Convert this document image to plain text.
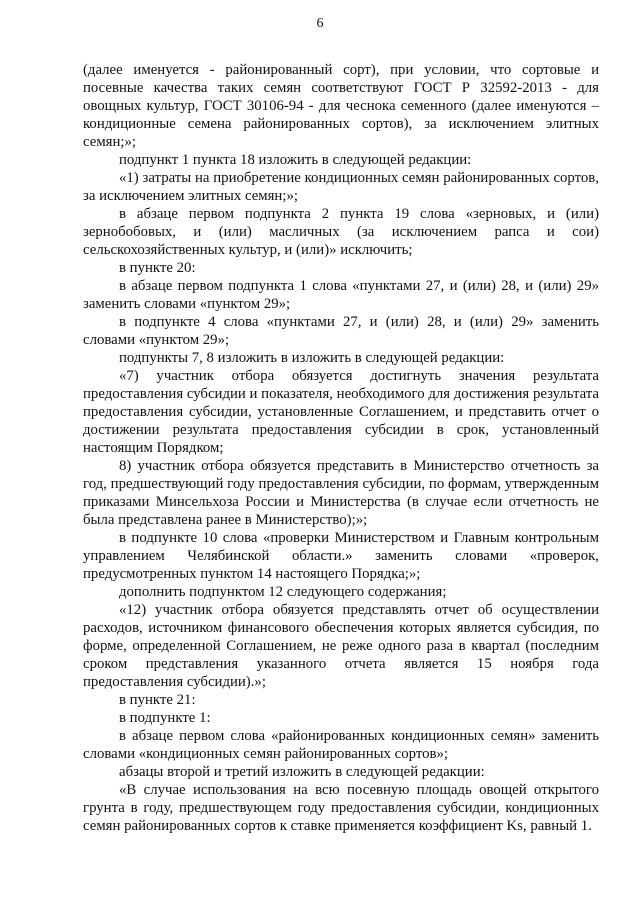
6

(далее именуется - районированный сорт), при условии, что сортовые и посевные качества таких семян соответствуют ГОСТ Р 32592-2013 - для овощных культур, ГОСТ 30106-94 - для чеснока семенного (далее именуются – кондиционные семена районированных сортов), за исключением элитных семян;»;

подпункт 1 пункта 18 изложить в следующей редакции:

«1) затраты на приобретение кондиционных семян районированных сортов, за исключением элитных семян;»;

в абзаце первом подпункта 2 пункта 19 слова «зерновых, и (или) зернобобовых, и (или) масличных (за исключением рапса и сои) сельскохозяйственных культур, и (или)» исключить;

в пункте 20:

в абзаце первом подпункта 1 слова «пунктами 27, и (или) 28, и (или) 29» заменить словами «пунктом 29»;

в подпункте 4 слова «пунктами 27, и (или) 28, и (или) 29» заменить словами «пунктом 29»;

подпункты 7, 8 изложить в изложить в следующей редакции:

«7) участник отбора обязуется достигнуть значения результата предоставления субсидии и показателя, необходимого для достижения результата предоставления субсидии, установленные Соглашением, и представить отчет о достижении результата предоставления субсидии в срок, установленный настоящим Порядком;

8) участник отбора обязуется представить в Министерство отчетность за год, предшествующий году предоставления субсидии, по формам, утвержденным приказами Минсельхоза России и Министерства (в случае если отчетность не была представлена ранее в Министерство);»;

в подпункте 10 слова «проверки Министерством и Главным контрольным управлением Челябинской области.» заменить словами «проверок, предусмотренных пунктом 14 настоящего Порядка;»;

дополнить подпунктом 12 следующего содержания;

«12) участник отбора обязуется представлять отчет об осуществлении расходов, источником финансового обеспечения которых является субсидия, по форме, определенной Соглашением, не реже одного раза в квартал (последним сроком представления указанного отчета является 15 ноября года предоставления субсидии).»;

в пункте 21:

в подпункте 1:

в абзаце первом слова «районированных кондиционных семян» заменить словами «кондиционных семян районированных сортов»;

абзацы второй и третий изложить в следующей редакции:

«В случае использования на всю посевную площадь овощей открытого грунта в году, предшествующем году предоставления субсидии, кондиционных семян районированных сортов к ставке применяется коэффициент Ks, равный 1.
